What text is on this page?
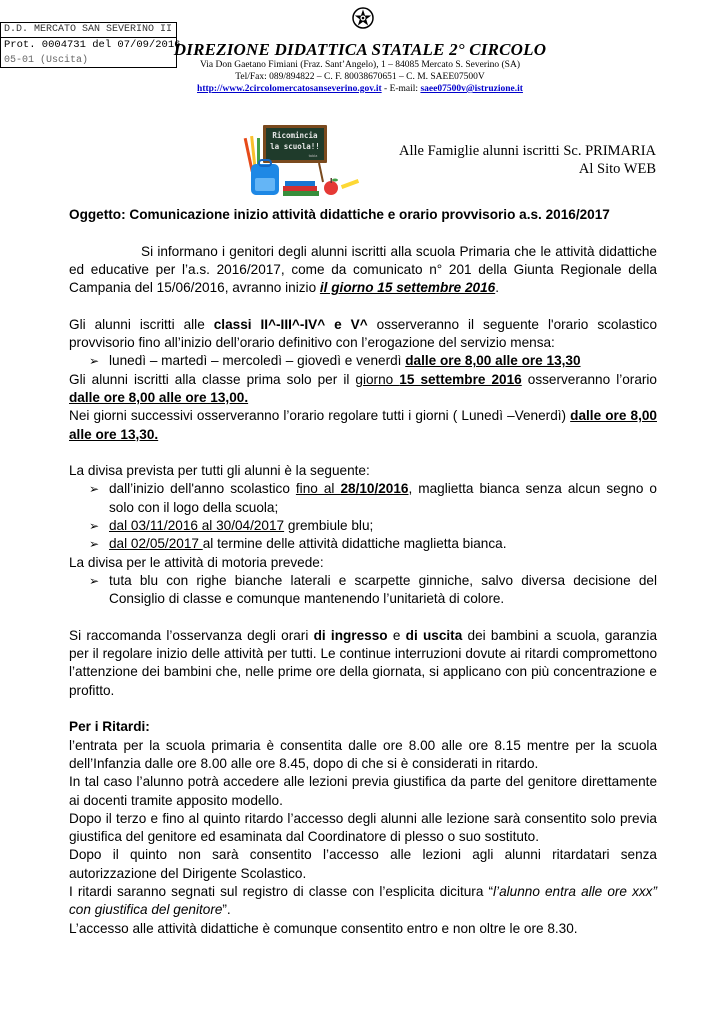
D.D. MERCATO SAN SEVERINO II
Prot. 0004731 del 07/09/2016
05-01 (Uscita)
DIREZIONE DIDATTICA STATALE 2° CIRCOLO
Via Don Gaetano Fimiani (Fraz. Sant’Angelo), 1 – 84085 Mercato S. Severino (SA)
Tel/Fax: 089/894822 – C. F. 80038670651 – C. M. SAEE07500V
http://www.2circolomercatosanseverino.gov.it - E-mail: saee07500v@istruzione.it
Ricomincia
la scuola!!
tabla	Alle Famiglie alunni iscritti Sc. PRIMARIA
Al Sito WEB

Oggetto: Comunicazione inizio attività didattiche e orario provvisorio a.s. 2016/2017

Si informano i genitori degli alunni iscritti alla scuola Primaria che le attività didattiche ed educative per l’a.s. 2016/2017, come da comunicato n° 201 della Giunta Regionale della Campania del 15/06/2016, avranno inizio il giorno 15 settembre 2016.

Gli alunni iscritti alle classi II^-III^-IV^ e V^ osserveranno il seguente l'orario scolastico provvisorio fino all’inizio dell’orario definitivo con l’erogazione del servizio mensa:

➢ lunedì – martedì – mercoledì – giovedì e venerdì dalle ore 8,00 alle ore 13,30

Gli alunni iscritti alla classe prima solo per il giorno 15 settembre 2016 osserveranno l’orario dalle ore 8,00 alle ore 13,00.

Nei giorni successivi osserveranno l’orario regolare tutti i giorni ( Lunedì –Venerdì) dalle ore 8,00 alle ore 13,30.

La divisa prevista per tutti gli alunni è la seguente:

➢ dall’inizio dell'anno scolastico fino al 28/10/2016, maglietta bianca senza alcun segno o solo con il logo della scuola;

➢ dal 03/11/2016 al 30/04/2017 grembiule blu;

➢ dal 02/05/2017 al termine delle attività didattiche maglietta bianca.

La divisa per le attività di motoria prevede:

➢ tuta blu con righe bianche laterali e scarpette ginniche, salvo diversa decisione del Consiglio di classe e comunque mantenendo l’unitarietà di colore.

Si raccomanda l’osservanza degli orari di ingresso e di uscita dei bambini a scuola, garanzia per il regolare inizio delle attività per tutti. Le continue interruzioni dovute ai ritardi compromettono l’attenzione dei bambini che, nelle prime ore della giornata, si applicano con più concentrazione e profitto.

Per i Ritardi:

l’entrata per la scuola primaria è consentita dalle ore 8.00 alle ore 8.15 mentre per la scuola dell’Infanzia dalle ore 8.00 alle ore 8.45, dopo di che si è considerati in ritardo.

In tal caso l’alunno potrà accedere alle lezioni previa giustifica da parte del genitore direttamente ai docenti tramite apposito modello.

Dopo il terzo e fino al quinto ritardo l’accesso degli alunni alle lezione sarà consentito solo previa giustifica del genitore ed esaminata dal Coordinatore di plesso o suo sostituto.

Dopo il quinto non sarà consentito l’accesso alle lezioni agli alunni ritardatari senza autorizzazione del Dirigente Scolastico.

I ritardi saranno segnati sul registro di classe con l’esplicita dicitura “l’alunno entra alle ore xxx” con giustifica del genitore”.

L’accesso alle attività didattiche è comunque consentito entro e non oltre le ore 8.30.
